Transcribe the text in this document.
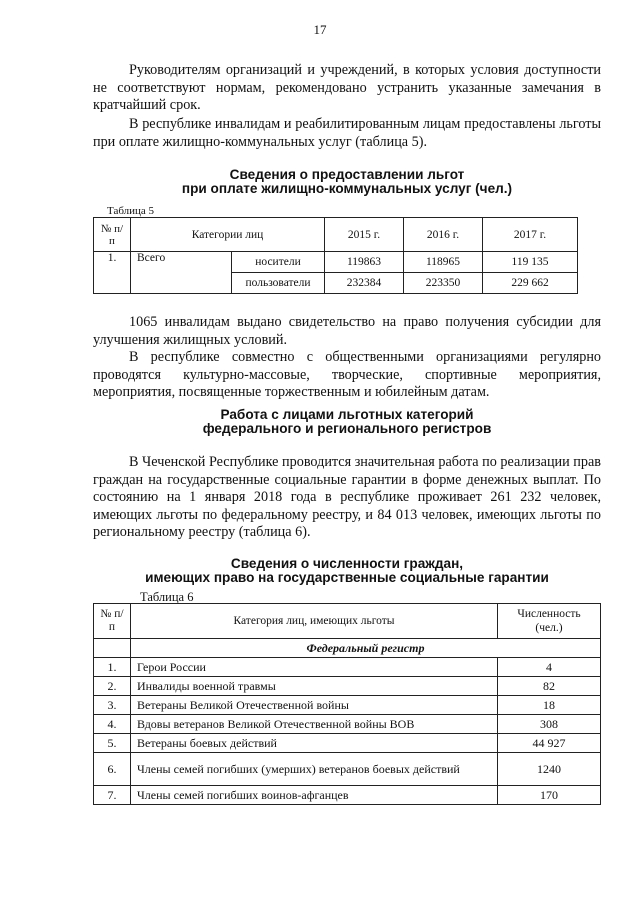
17

Руководителям организаций и учреждений, в которых условия доступности не соответствуют нормам, рекомендовано устранить указанные замечания в кратчайший срок.

В республике инвалидам и реабилитированным лицам предоставлены льготы при оплате жилищно-коммунальных услуг (таблица 5).

Сведения о предоставлении льгот
при оплате жилищно-коммунальных услуг (чел.)

Таблица 5

№ п/п	Категории лиц		2015 г.	2016 г.	2017 г.
1.	Всего	носители	119863	118965	119 135
		пользователи	232384	223350	229 662

1065 инвалидам выдано свидетельство на право получения субсидии для улучшения жилищных условий.

В республике совместно с общественными организациями регулярно проводятся культурно-массовые, творческие, спортивные мероприятия, мероприятия, посвященные торжественным и юбилейным датам.

Работа с лицами льготных категорий
федерального и регионального регистров

В Чеченской Республике проводится значительная работа по реализации прав граждан на государственные социальные гарантии в форме денежных выплат. По состоянию на 1 января 2018 года в республике проживает 261 232 человек, имеющих льготы по федеральному реестру, и 84 013 человек, имеющих льготы по региональному реестру (таблица 6).

Сведения о численности граждан,
имеющих право на государственные социальные гарантии

Таблица 6

№ п/п	Категория лиц, имеющих льготы	Численность (чел.)
	Федеральный регистр	
1.	Герои России	4
2.	Инвалиды военной травмы	82
3.	Ветераны Великой Отечественной войны	18
4.	Вдовы ветеранов Великой Отечественной войны ВОВ	308
5.	Ветераны боевых действий	44 927
6.	Члены семей погибших (умерших) ветеранов боевых действий	1240
7.	Члены семей погибших воинов-афганцев	170
